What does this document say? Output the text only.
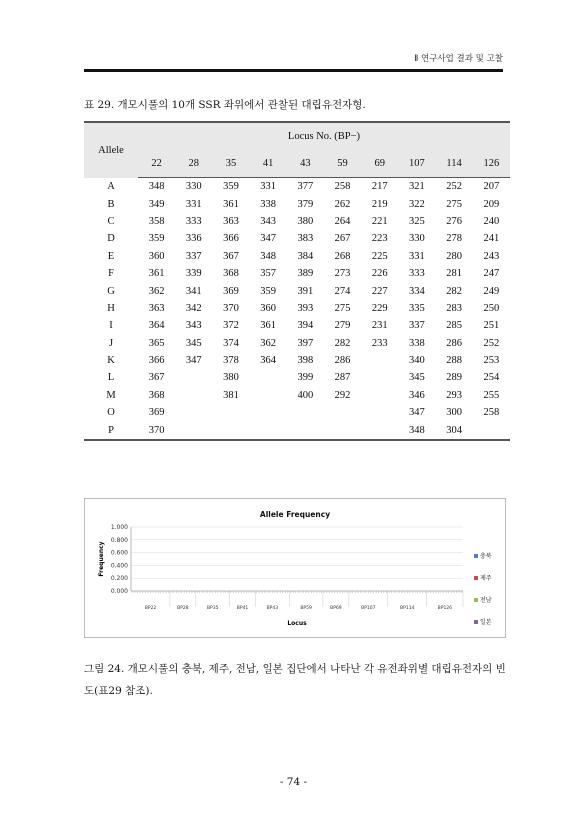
Ⅱ 연구사업 결과 및 고찰
표 29. 개모시풀의 10개 SSR 좌위에서 관찰된 대립유전자형.
Allele	Locus No. (BP−)									
	22	28	35	41	43	59	69	107	114	126
A	348	330	359	331	377	258	217	321	252	207
B	349	331	361	338	379	262	219	322	275	209
C	358	333	363	343	380	264	221	325	276	240
D	359	336	366	347	383	267	223	330	278	241
E	360	337	367	348	384	268	225	331	280	243
F	361	339	368	357	389	273	226	333	281	247
G	362	341	369	359	391	274	227	334	282	249
H	363	342	370	360	393	275	229	335	283	250
I	364	343	372	361	394	279	231	337	285	251
J	365	345	374	362	397	282	233	338	286	252
K	366	347	378	364	398	286		340	288	253
L	367		380		399	287		345	289	254
M	368		381		400	292		346	293	255
O	369							347	300	258
P	370							348	304	
Allele Frequency
1.000
0.800
0.600
0.400
0.200
0.000
Frequency
Locus
BP22	BP28	BP35	BP41	BP43	BP59	BP69	BP107	BP114	BP126
충북
제주
전남
일본
그림 24. 개모시풀의 충북, 제주, 전남, 일본 집단에서 나타난 각 유전좌위별 대립유전자의 빈도(표29 참조).
- 74 -
